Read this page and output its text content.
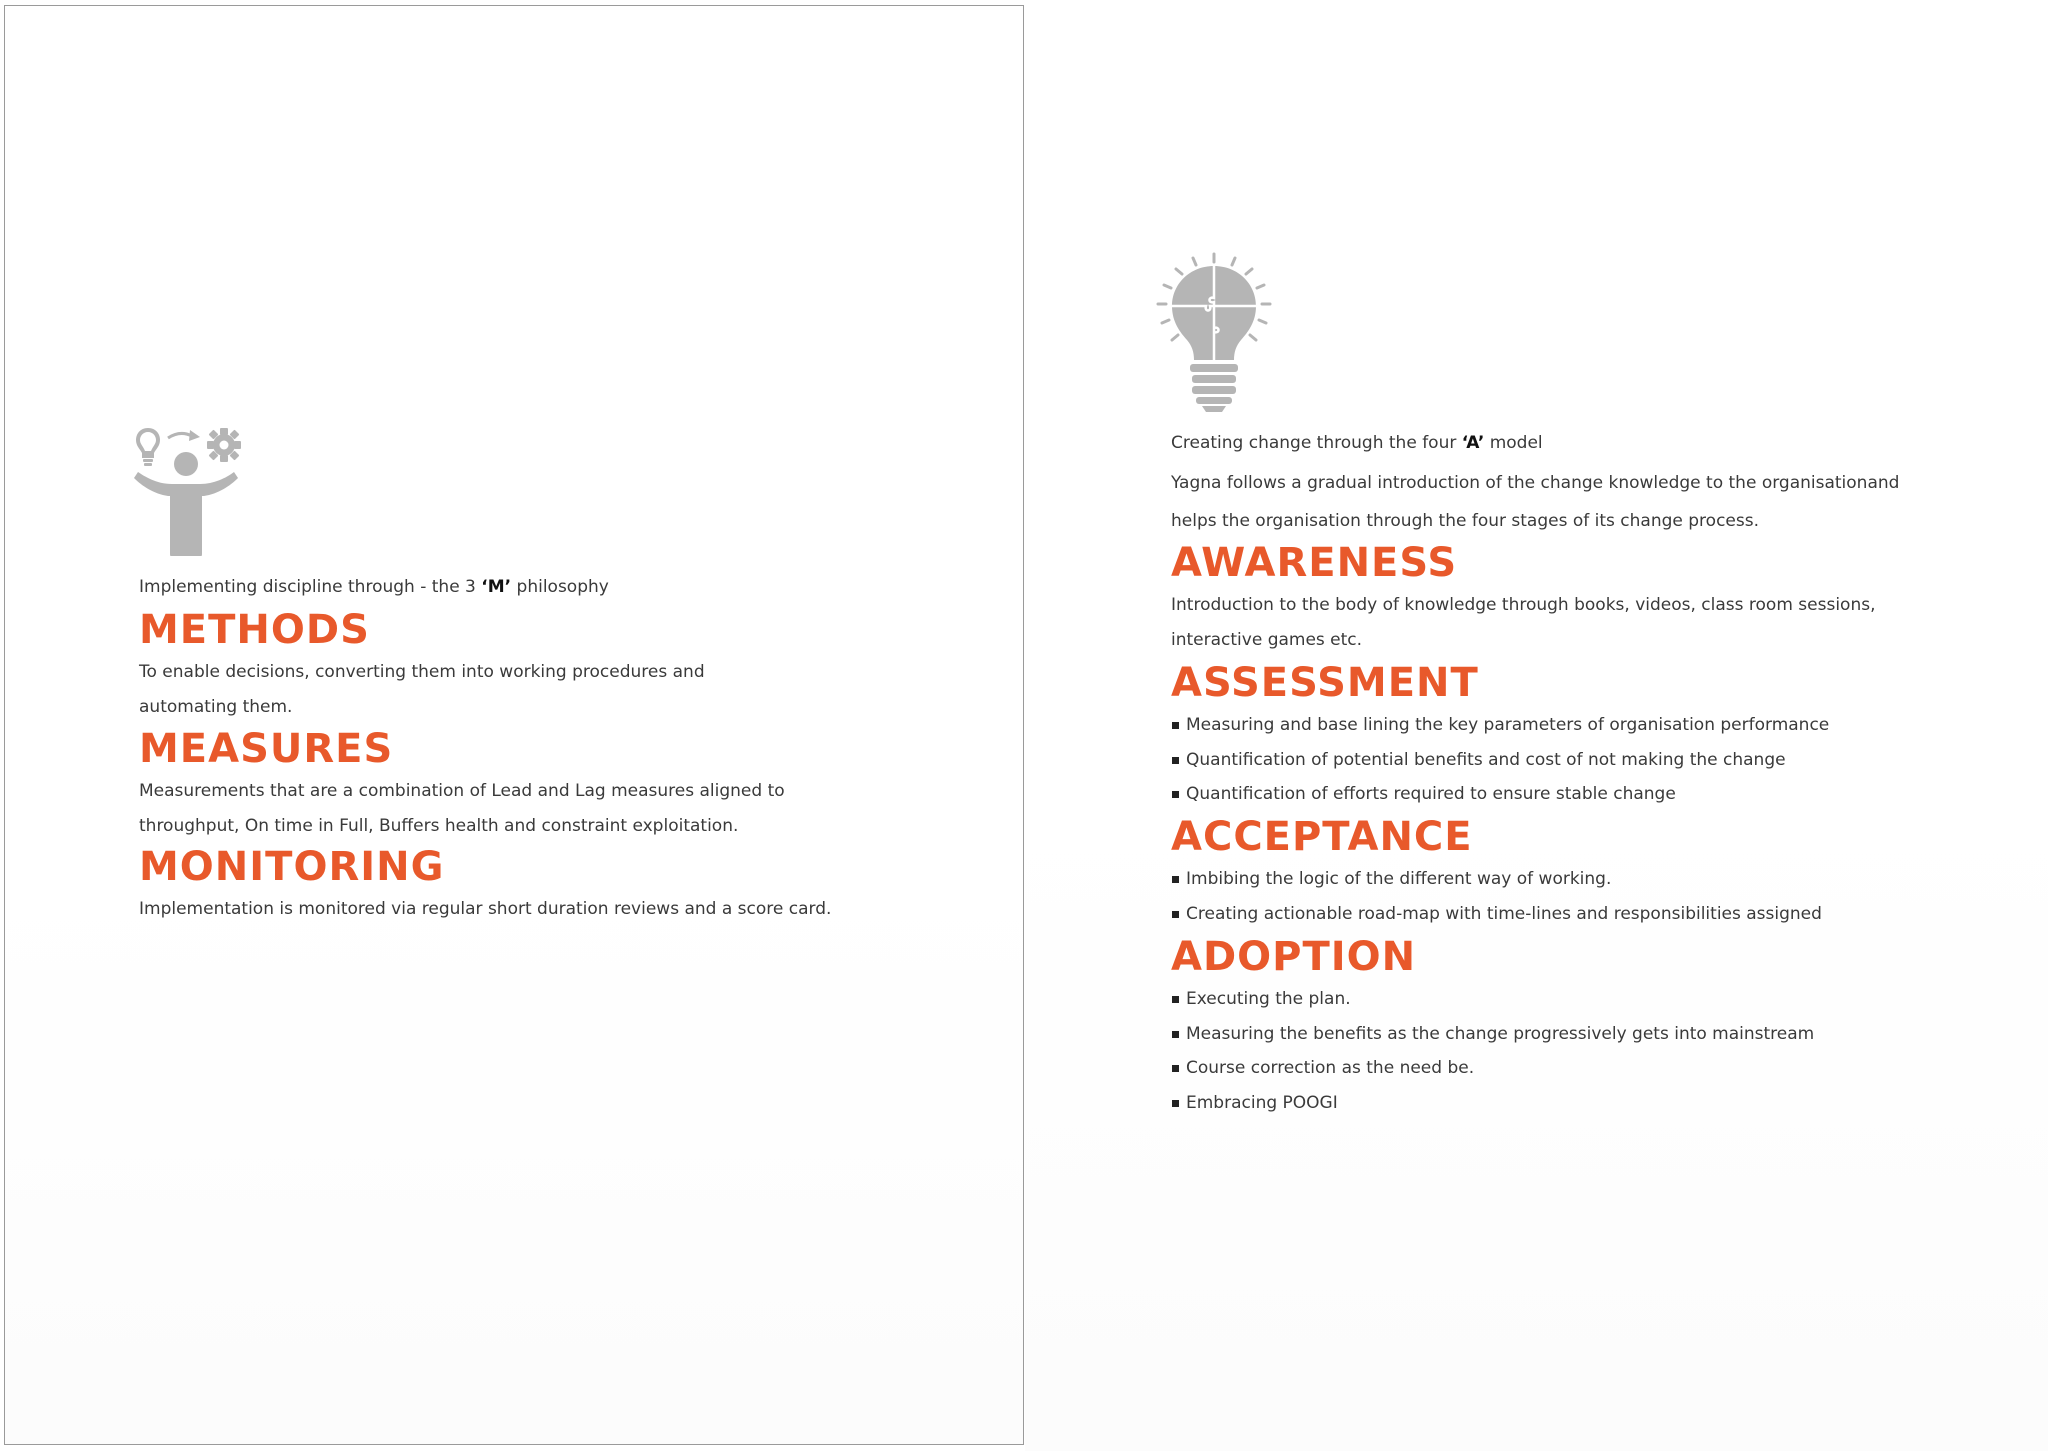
Implementing discipline through - the 3 ‘M’ philosophy
METHODS
To enable decisions, converting them into working procedures and
automating them.
MEASURES
Measurements that are a combination of Lead and Lag measures aligned to
throughput, On time in Full, Buffers health and constraint exploitation.
MONITORING
Implementation is monitored via regular short duration reviews and a score card.
Creating change through the four ‘A’ model
Yagna follows a gradual introduction of the change knowledge to the organisationand
helps the organisation through the four stages of its change process.
AWARENESS
Introduction to the body of knowledge through books, videos, class room sessions,
interactive games etc.
ASSESSMENT
Measuring and base lining the key parameters of organisation performance
Quantification of potential benefits and cost of not making the change
Quantification of efforts required to ensure stable change
ACCEPTANCE
Imbibing the logic of the different way of working.
Creating actionable road-map with time-lines and responsibilities assigned
ADOPTION
Executing the plan.
Measuring the benefits as the change progressively gets into mainstream
Course correction as the need be.
Embracing POOGI
